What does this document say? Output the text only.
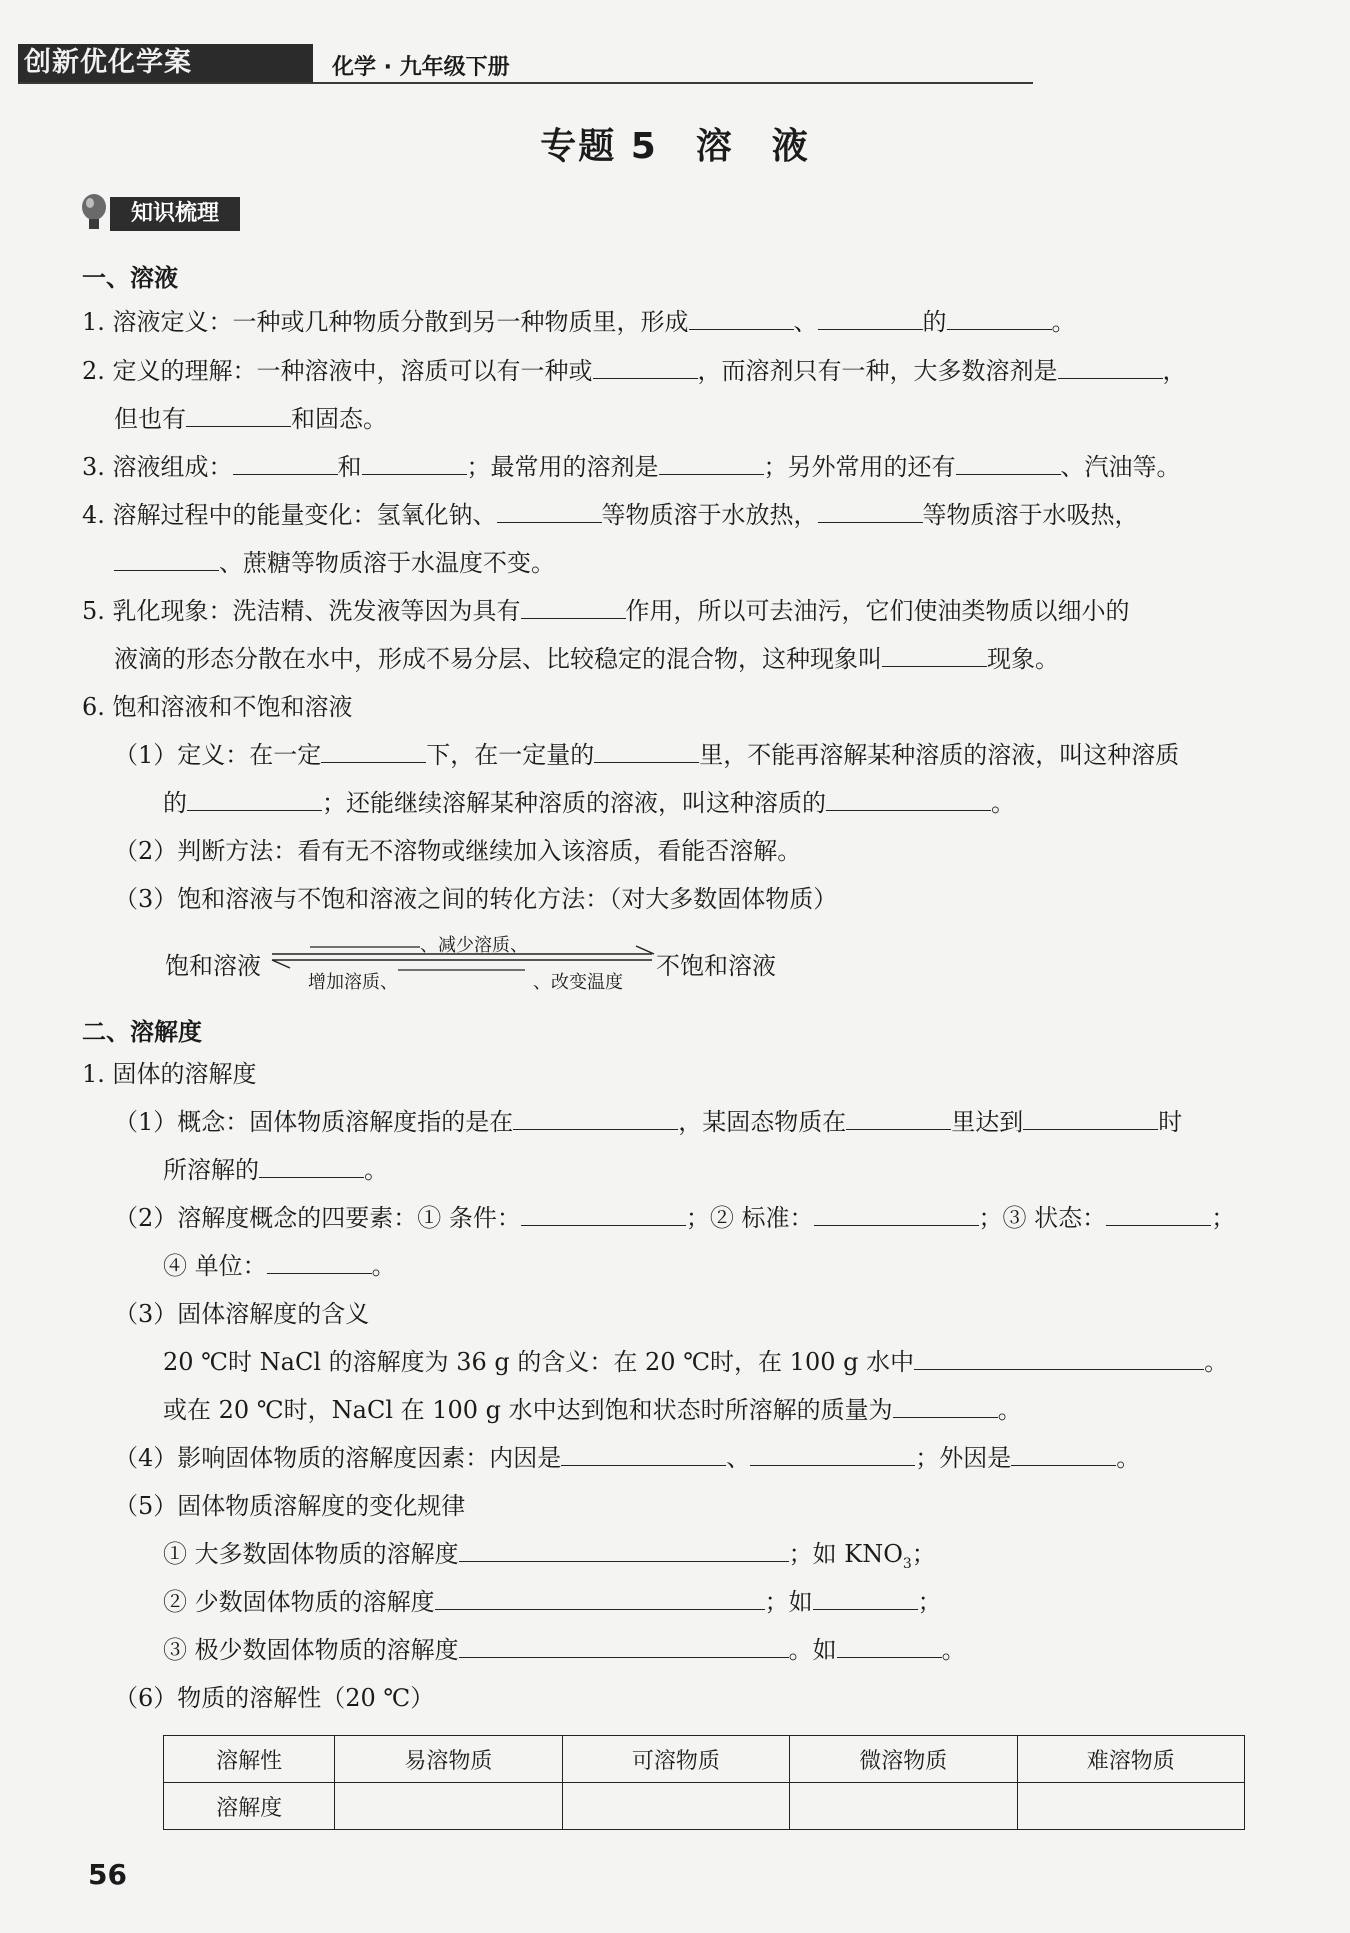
创新优化学案	化学 · 九年级下册
专题 5　溶　液
知识梳理
一、溶液
1. 溶液定义：一种或几种物质分散到另一种物质里，形成	、	的	。
2. 定义的理解：一种溶液中，溶质可以有一种或	，而溶剂只有一种，大多数溶剂是	，
但也有	和固态。
3. 溶液组成：	和	；最常用的溶剂是	；另外常用的还有	、汽油等。
4. 溶解过程中的能量变化：氢氧化钠、	等物质溶于水放热，	等物质溶于水吸热，
、蔗糖等物质溶于水温度不变。
5. 乳化现象：洗洁精、洗发液等因为具有	作用，所以可去油污，它们使油类物质以细小的
液滴的形态分散在水中，形成不易分层、比较稳定的混合物，这种现象叫	现象。
6. 饱和溶液和不饱和溶液
（1）定义：在一定	下，在一定量的	里，不能再溶解某种溶质的溶液，叫这种溶质
的	；还能继续溶解某种溶质的溶液，叫这种溶质的	。
（2）判断方法：看有无不溶物或继续加入该溶质，看能否溶解。
（3）饱和溶液与不饱和溶液之间的转化方法：（对大多数固体物质）
饱和溶液
、减少溶质、
增加溶质、	、改变温度
不饱和溶液
二、溶解度
1. 固体的溶解度
（1）概念：固体物质溶解度指的是在	，某固态物质在	里达到	时
所溶解的	。
（2）溶解度概念的四要素：① 条件：	；② 标准：	；③ 状态：	；
④ 单位：	。
（3）固体溶解度的含义
20 ℃时 NaCl 的溶解度为 36 g 的含义：在 20 ℃时，在 100 g 水中	。
或在 20 ℃时，NaCl 在 100 g 水中达到饱和状态时所溶解的质量为	。
（4）影响固体物质的溶解度因素：内因是	、	；外因是	。
（5）固体物质溶解度的变化规律
① 大多数固体物质的溶解度	；如 $KNO_3$；
② 少数固体物质的溶解度	；如	；
③ 极少数固体物质的溶解度	。如	。
（6）物质的溶解性（20 ℃）
溶解性	易溶物质	可溶物质	微溶物质	难溶物质
溶解度				
56
